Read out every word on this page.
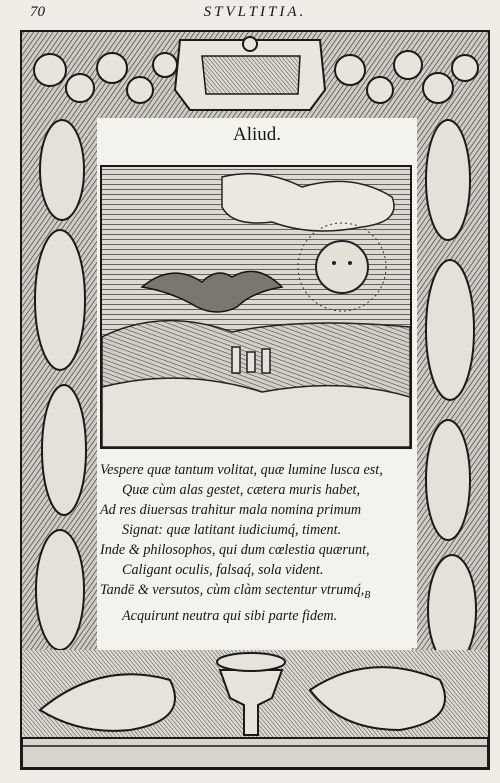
70	STVLTITIA.
Aliud.
Vespere quæ tantum volitat, quæ lumine lusca est,
Quæ cùm alas gestet, cætera muris habet,
Ad res diuersas trahitur mala nomina primum
Signat: quæ latitant iudiciumq́, timent.
Inde & philosophos, qui dum cœlestia quærunt,
Caligant oculis, falsaq́, sola vident.
Tandē & versutos, cùm clàm sectentur $vtrumq́,_B$
Acquirunt neutra qui sibi parte fidem.
